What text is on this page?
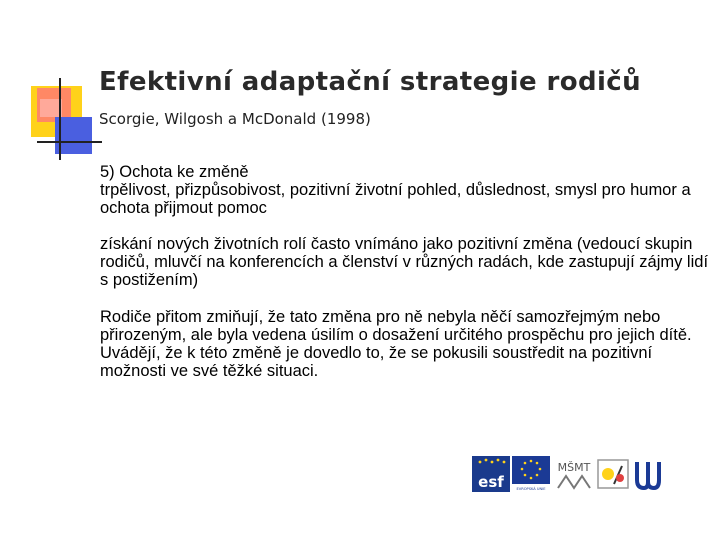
Efektivní adaptační strategie rodičů
Scorgie, Wilgosh a McDonald (1998)

5) Ochota ke změně
trpělivost, přizpůsobivost, pozitivní životní pohled, důslednost, smysl pro humor a ochota přijmout pomoc

získání nových životních rolí často vnímáno jako pozitivní změna (vedoucí skupin rodičů, mluvčí na konferencích a členství v různých radách, kde zastupují zájmy lidí s postižením)

Rodiče přitom zmiňují, že tato změna pro ně nebyla něčí samozřejmým nebo přirozeným, ale byla vedena úsilím o dosažení určitého prospěchu pro jejich dítě. Uvádějí, že k této změně je dovedlo to, že se pokusili soustředit na pozitivní možnosti ve své těžké situaci.

esf	EVROPSKÁ UNIE
MŠMT
